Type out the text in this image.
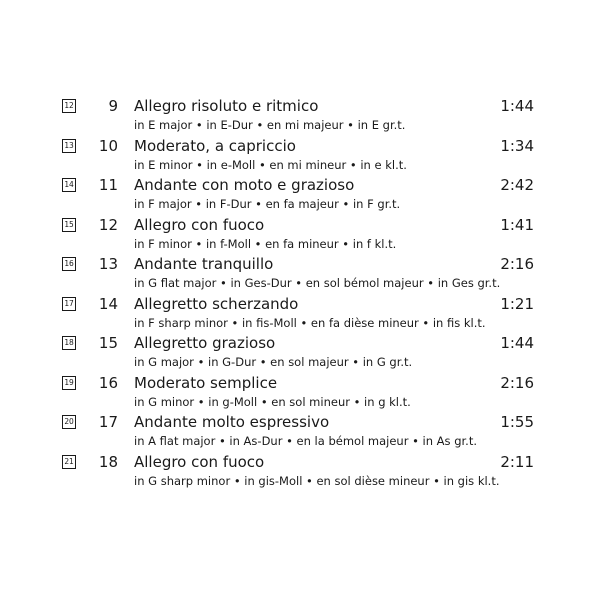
12	9 Allegro risoluto e ritmico	1:44
in E major • in E-Dur • en mi majeur • in E gr.t.
13	10 Moderato, a capriccio	1:34
in E minor • in e-Moll • en mi mineur • in e kl.t.
14	11 Andante con moto e grazioso	2:42
in F major • in F-Dur • en fa majeur • in F gr.t.
15	12 Allegro con fuoco	1:41
in F minor • in f-Moll • en fa mineur • in f kl.t.
16	13 Andante tranquillo	2:16
in G flat major • in Ges-Dur • en sol bémol majeur • in Ges gr.t.
17	14 Allegretto scherzando	1:21
in F sharp minor • in fis-Moll • en fa dièse mineur • in fis kl.t.
18	15 Allegretto grazioso	1:44
in G major • in G-Dur • en sol majeur • in G gr.t.
19	16 Moderato semplice	2:16
in G minor • in g-Moll • en sol mineur • in g kl.t.
20	17 Andante molto espressivo	1:55
in A flat major • in As-Dur • en la bémol majeur • in As gr.t.
21	18 Allegro con fuoco	2:11
in G sharp minor • in gis-Moll • en sol dièse mineur • in gis kl.t.
